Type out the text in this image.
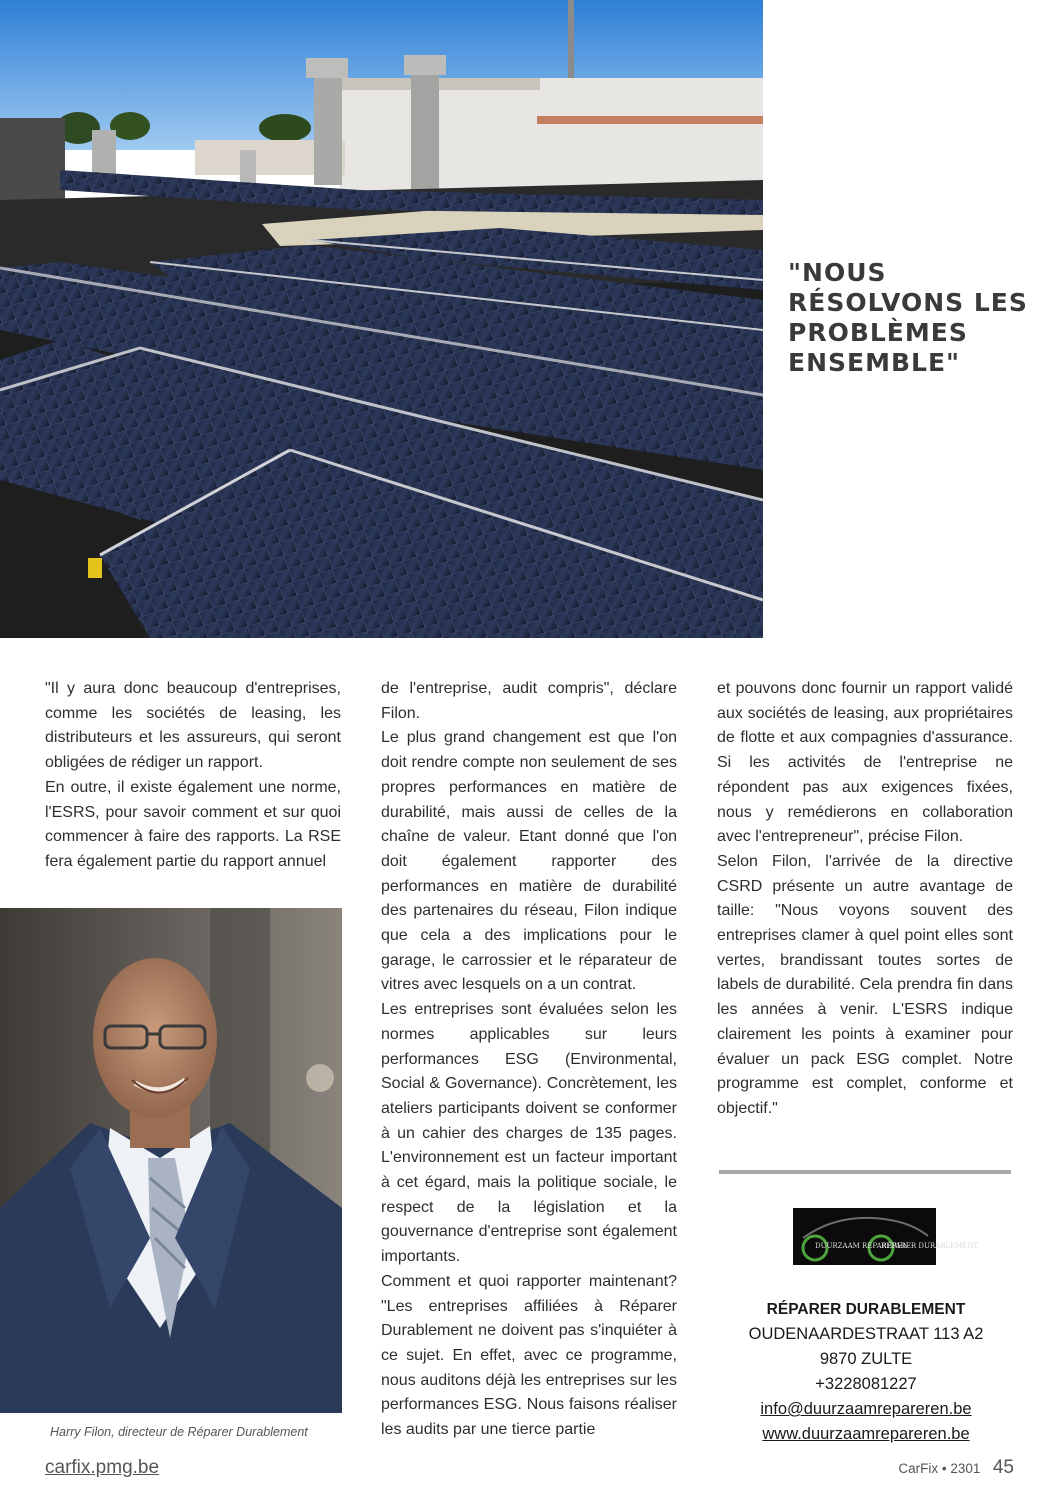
"NOUS RÉSOLVONS LES PROBLÈMES ENSEMBLE"

"Il y aura donc beaucoup d'entreprises, comme les sociétés de leasing, les distributeurs et les assureurs, qui seront obligées de rédiger un rapport.

En outre, il existe également une norme, l'ESRS, pour savoir comment et sur quoi commencer à faire des rapports. La RSE fera également partie du rapport annuel

de l'entreprise, audit compris", déclare Filon.

Le plus grand changement est que l'on doit rendre compte non seulement de ses propres performances en matière de durabilité, mais aussi de celles de la chaîne de valeur. Etant donné que l'on doit également rapporter des performances en matière de durabilité des partenaires du réseau, Filon indique que cela a des implications pour le garage, le carrossier et le réparateur de vitres avec lesquels on a un contrat.

Les entreprises sont évaluées selon les normes applicables sur leurs performances ESG (Environmental, Social & Governance). Concrètement, les ateliers participants doivent se conformer à un cahier des charges de 135 pages. L'environnement est un facteur important à cet égard, mais la politique sociale, le respect de la législation et la gouvernance d'entreprise sont également importants.

Comment et quoi rapporter maintenant? "Les entreprises affiliées à Réparer Durablement ne doivent pas s'inquiéter à ce sujet. En effet, avec ce programme, nous auditons déjà les entreprises sur les performances ESG. Nous faisons réaliser les audits par une tierce partie

et pouvons donc fournir un rapport validé aux sociétés de leasing, aux propriétaires de flotte et aux compagnies d'assurance. Si les activités de l'entreprise ne répondent pas aux exigences fixées, nous y remédierons en collaboration avec l'entrepreneur", précise Filon.

Selon Filon, l'arrivée de la directive CSRD présente un autre avantage de taille: "Nous voyons souvent des entreprises clamer à quel point elles sont vertes, brandissant toutes sortes de labels de durabilité. Cela prendra fin dans les années à venir. L'ESRS indique clairement les points à examiner pour évaluer un pack ESG complet. Notre programme est complet, conforme et objectif."

Harry Filon, directeur de Réparer Durablement
DUURZAAM REPAREREN
RÉPARER DURABLEMENT
RÉPARER DURABLEMENT
OUDENAARDESTRAAT 113 A2
9870 ZULTE
+3228081227
info@duurzaamrepareren.be
www.duurzaamrepareren.be
carfix.pmg.be	CarFix • 2301 45
